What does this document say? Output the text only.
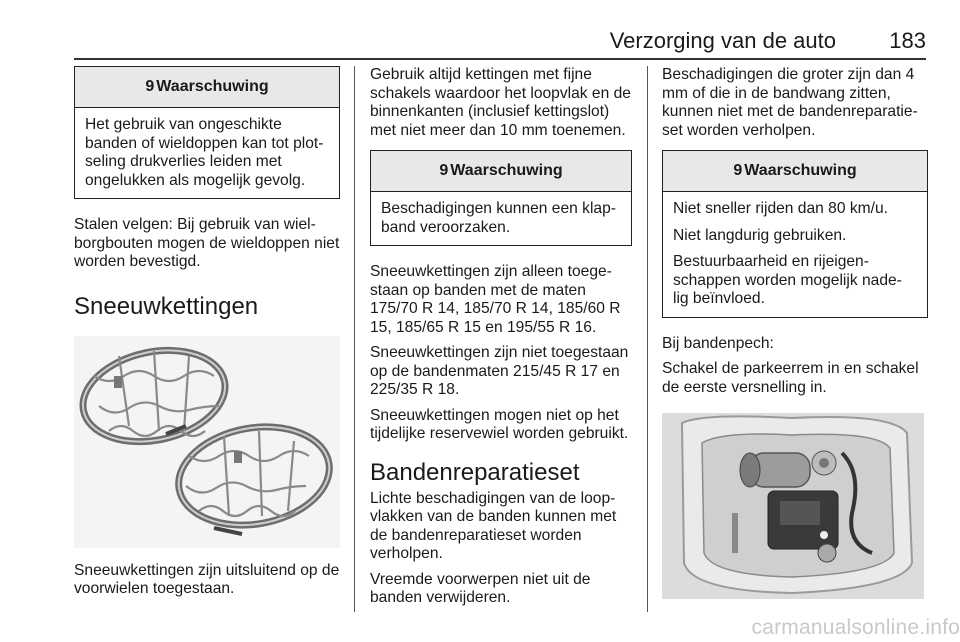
Verzorging van de auto 183
9 Waarschuwing

Het gebruik van ongeschikte banden of wieldoppen kan tot plot-seling drukverlies leiden met ongelukken als mogelijk gevolg.

Stalen velgen: Bij gebruik van wiel-borgbouten mogen de wieldoppen niet worden bevestigd.

Sneeuwkettingen

Sneeuwkettingen zijn uitsluitend op de voorwielen toegestaan.

Gebruik altijd kettingen met fijne schakels waardoor het loopvlak en de binnenkanten (inclusief kettingslot) met niet meer dan 10 mm toenemen.

9 Waarschuwing

Beschadigingen kunnen een klap-band veroorzaken.

Sneeuwkettingen zijn alleen toege-staan op banden met de maten 175/70 R 14, 185/70 R 14, 185/60 R 15, 185/65 R 15 en 195/55 R 16.

Sneeuwkettingen zijn niet toegestaan op de bandenmaten 215/45 R 17 en 225/35 R 18.

Sneeuwkettingen mogen niet op het tijdelijke reservewiel worden gebruikt.

Bandenreparatieset

Lichte beschadigingen van de loop-vlakken van de banden kunnen met de bandenreparatieset worden verholpen.

Vreemde voorwerpen niet uit de banden verwijderen.

Beschadigingen die groter zijn dan 4 mm of die in de bandwang zitten, kunnen niet met de bandenreparatie-set worden verholpen.

9 Waarschuwing

Niet sneller rijden dan 80 km/u.

Niet langdurig gebruiken.

Bestuurbaarheid en rijeigen-schappen worden mogelijk nade-lig beïnvloed.

Bij bandenpech:

Schakel de parkeerrem in en schakel de eerste versnelling in.

carmanualsonline.info
